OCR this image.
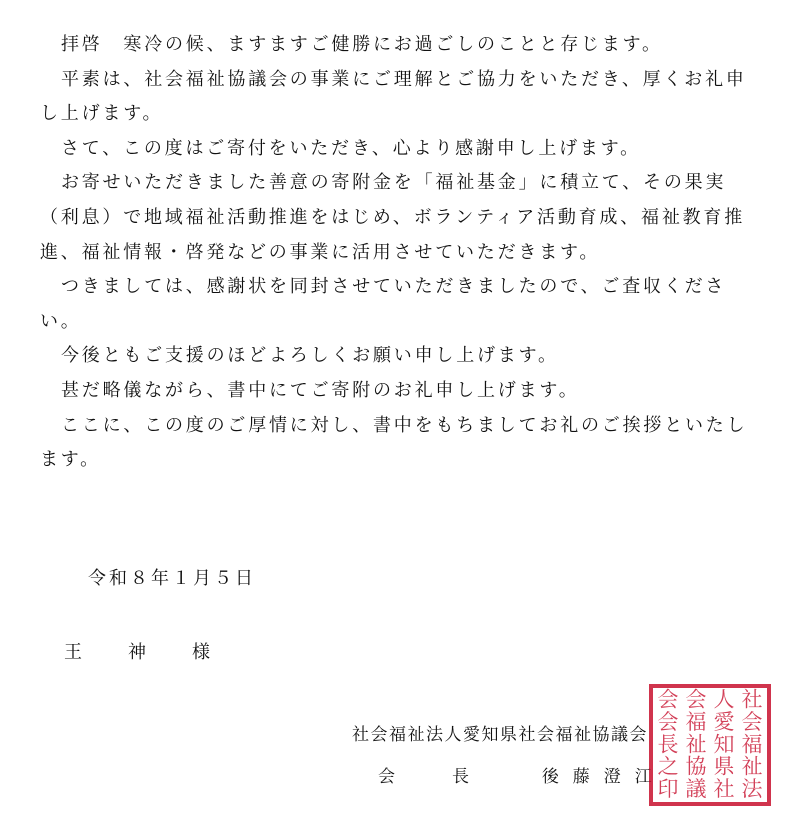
拝啓　寒冷の候、ますますご健勝にお過ごしのことと存じます。

平素は、社会福祉協議会の事業にご理解とご協力をいただき、厚くお礼申し上げます。

さて、この度はご寄付をいただき、心より感謝申し上げます。

お寄せいただきました善意の寄附金を「福祉基金」に積立て、その果実（利息）で地域福祉活動推進をはじめ、ボランティア活動育成、福祉教育推進、福祉情報・啓発などの事業に活用させていただきます。

つきましては、感謝状を同封させていただきましたので、ご査収ください。

今後ともご支援のほどよろしくお願い申し上げます。

甚だ略儀ながら、書中にてご寄附のお礼申し上げます。

ここに、この度のご厚情に対し、書中をもちましてお礼のご挨拶といたします。

令和８年１月５日
王　神　様
社会福祉法人愛知県社会福祉協議会
会　長	後藤澄江
社
会
福
祉
法
人
愛
知
県
社
会
福
祉
協
議
会
会
長
之
印
